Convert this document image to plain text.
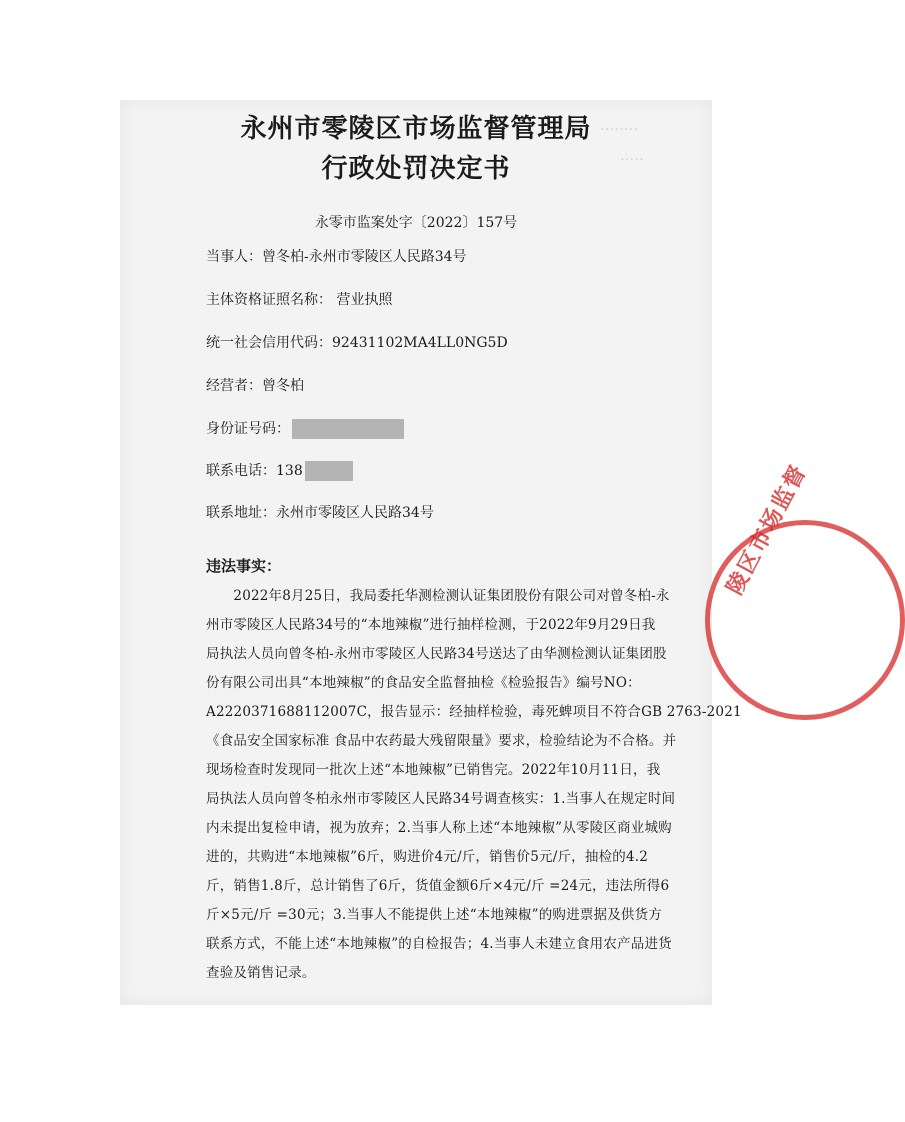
········
·····
陵区市场监督
永州市零陵区市场监督管理局
行政处罚决定书
永零市监案处字〔2022〕157号
当事人：曾冬柏-永州市零陵区人民路34号
主体资格证照名称： 营业执照
统一社会信用代码：92431102MA4LL0NG5D
经营者：曾冬柏
身份证号码：
联系电话：138
联系地址：永州市零陵区人民路34号
违法事实：
　　2022年8月25日，我局委托华测检测认证集团股份有限公司对曾冬柏-永
州市零陵区人民路34号的“本地辣椒”进行抽样检测，于2022年9月29日我
局执法人员向曾冬柏-永州市零陵区人民路34号送达了由华测检测认证集团股
份有限公司出具“本地辣椒”的食品安全监督抽检《检验报告》编号NO：
A2220371688112007C，报告显示：经抽样检验，毒死蜱项目不符合GB 2763-2021
《食品安全国家标准 食品中农药最大残留限量》要求，检验结论为不合格。并
现场检查时发现同一批次上述“本地辣椒”已销售完。2022年10月11日，我
局执法人员向曾冬柏永州市零陵区人民路34号调查核实：1.当事人在规定时间
内未提出复检申请，视为放弃；2.当事人称上述“本地辣椒”从零陵区商业城购
进的，共购进“本地辣椒”6斤，购进价4元/斤，销售价5元/斤，抽检的4.2
斤，销售1.8斤，总计销售了6斤，货值金额6斤×4元/斤 =24元，违法所得6
斤×5元/斤 =30元；3.当事人不能提供上述“本地辣椒”的购进票据及供货方
联系方式，不能上述“本地辣椒”的自检报告；4.当事人未建立食用农产品进货
查验及销售记录。
